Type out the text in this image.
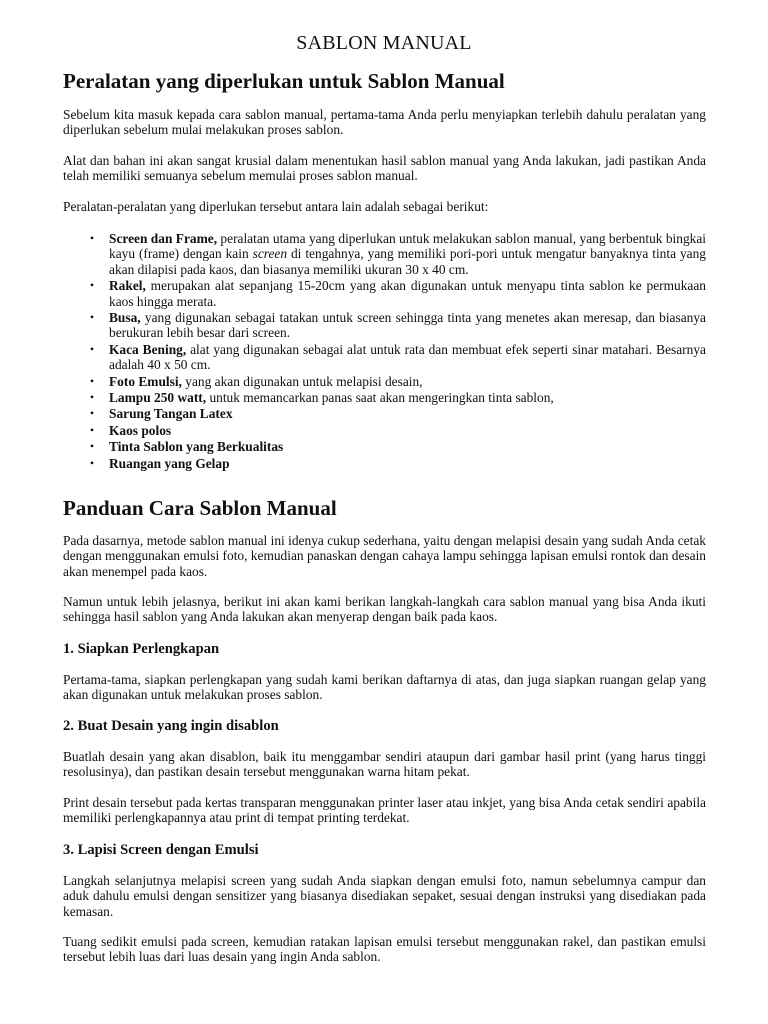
SABLON MANUAL
Peralatan yang diperlukan untuk Sablon Manual

Sebelum kita masuk kepada cara sablon manual, pertama-tama Anda perlu menyiapkan terlebih dahulu peralatan yang diperlukan sebelum mulai melakukan proses sablon.

Alat dan bahan ini akan sangat krusial dalam menentukan hasil sablon manual yang Anda lakukan, jadi pastikan Anda telah memiliki semuanya sebelum memulai proses sablon manual.

Peralatan-peralatan yang diperlukan tersebut antara lain adalah sebagai berikut:

• Screen dan Frame, peralatan utama yang diperlukan untuk melakukan sablon manual, yang berbentuk bingkai kayu (frame) dengan kain screen di tengahnya, yang memiliki pori-pori untuk mengatur banyaknya tinta yang akan dilapisi pada kaos, dan biasanya memiliki ukuran 30 x 40 cm.
• Rakel, merupakan alat sepanjang 15-20cm yang akan digunakan untuk menyapu tinta sablon ke permukaan kaos hingga merata.
• Busa, yang digunakan sebagai tatakan untuk screen sehingga tinta yang menetes akan meresap, dan biasanya berukuran lebih besar dari screen.
• Kaca Bening, alat yang digunakan sebagai alat untuk rata dan membuat efek seperti sinar matahari. Besarnya adalah 40 x 50 cm.
• Foto Emulsi, yang akan digunakan untuk melapisi desain,
• Lampu 250 watt, untuk memancarkan panas saat akan mengeringkan tinta sablon,
• Sarung Tangan Latex
• Kaos polos
• Tinta Sablon yang Berkualitas
• Ruangan yang Gelap
Panduan Cara Sablon Manual

Pada dasarnya, metode sablon manual ini idenya cukup sederhana, yaitu dengan melapisi desain yang sudah Anda cetak dengan menggunakan emulsi foto, kemudian panaskan dengan cahaya lampu sehingga lapisan emulsi rontok dan desain akan menempel pada kaos.

Namun untuk lebih jelasnya, berikut ini akan kami berikan langkah-langkah cara sablon manual yang bisa Anda ikuti sehingga hasil sablon yang Anda lakukan akan menyerap dengan baik pada kaos.

1. Siapkan Perlengkapan

Pertama-tama, siapkan perlengkapan yang sudah kami berikan daftarnya di atas, dan juga siapkan ruangan gelap yang akan digunakan untuk melakukan proses sablon.

2. Buat Desain yang ingin disablon

Buatlah desain yang akan disablon, baik itu menggambar sendiri ataupun dari gambar hasil print (yang harus tinggi resolusinya), dan pastikan desain tersebut menggunakan warna hitam pekat.

Print desain tersebut pada kertas transparan menggunakan printer laser atau inkjet, yang bisa Anda cetak sendiri apabila memiliki perlengkapannya atau print di tempat printing terdekat.

3. Lapisi Screen dengan Emulsi

Langkah selanjutnya melapisi screen yang sudah Anda siapkan dengan emulsi foto, namun sebelumnya campur dan aduk dahulu emulsi dengan sensitizer yang biasanya disediakan sepaket, sesuai dengan instruksi yang disediakan pada kemasan.

Tuang sedikit emulsi pada screen, kemudian ratakan lapisan emulsi tersebut menggunakan rakel, dan pastikan emulsi tersebut lebih luas dari luas desain yang ingin Anda sablon.
